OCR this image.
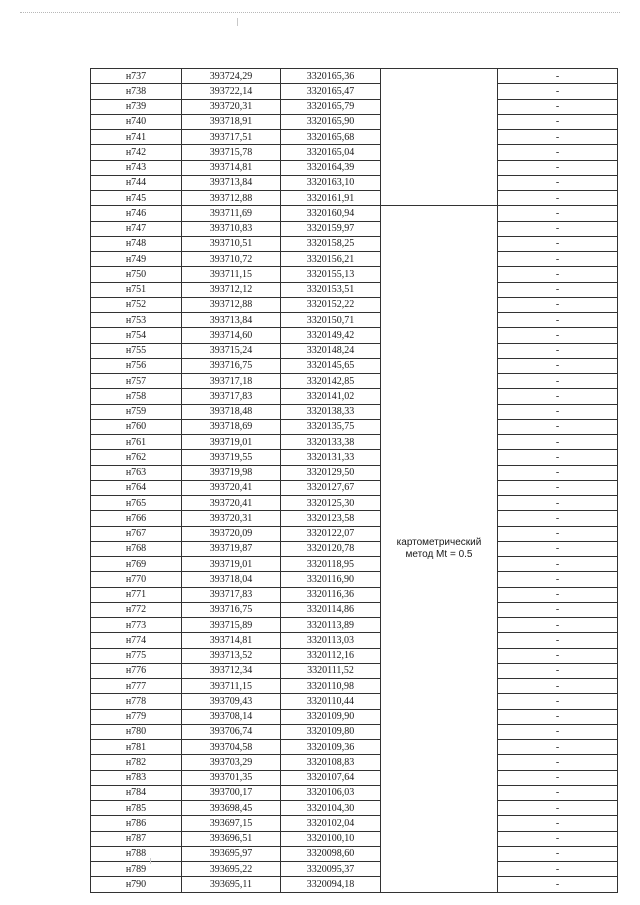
н737	393724,29	3320165,36		-
н738	393722,14	3320165,47		-
н739	393720,31	3320165,79		-
н740	393718,91	3320165,90		-
н741	393717,51	3320165,68		-
н742	393715,78	3320165,04		-
н743	393714,81	3320164,39		-
н744	393713,84	3320163,10		-
н745	393712,88	3320161,91		-
н746	393711,69	3320160,94	картометрический метод Mt = 0.5	-
н747	393710,83	3320159,97		-
н748	393710,51	3320158,25		-
н749	393710,72	3320156,21		-
н750	393711,15	3320155,13		-
н751	393712,12	3320153,51		-
н752	393712,88	3320152,22		-
н753	393713,84	3320150,71		-
н754	393714,60	3320149,42		-
н755	393715,24	3320148,24		-
н756	393716,75	3320145,65		-
н757	393717,18	3320142,85		-
н758	393717,83	3320141,02		-
н759	393718,48	3320138,33		-
н760	393718,69	3320135,75		-
н761	393719,01	3320133,38		-
н762	393719,55	3320131,33		-
н763	393719,98	3320129,50		-
н764	393720,41	3320127,67		-
н765	393720,41	3320125,30		-
н766	393720,31	3320123,58		-
н767	393720,09	3320122,07		-
н768	393719,87	3320120,78		-
н769	393719,01	3320118,95		-
н770	393718,04	3320116,90		-
н771	393717,83	3320116,36		-
н772	393716,75	3320114,86		-
н773	393715,89	3320113,89		-
н774	393714,81	3320113,03		-
н775	393713,52	3320112,16		-
н776	393712,34	3320111,52		-
н777	393711,15	3320110,98		-
н778	393709,43	3320110,44		-
н779	393708,14	3320109,90		-
н780	393706,74	3320109,80		-
н781	393704,58	3320109,36		-
н782	393703,29	3320108,83		-
н783	393701,35	3320107,64		-
н784	393700,17	3320106,03		-
н785	393698,45	3320104,30		-
н786	393697,15	3320102,04		-
н787	393696,51	3320100,10		-
н788	393695,97	3320098,60		-
н789	393695,22	3320095,37		-
н790	393695,11	3320094,18		-
